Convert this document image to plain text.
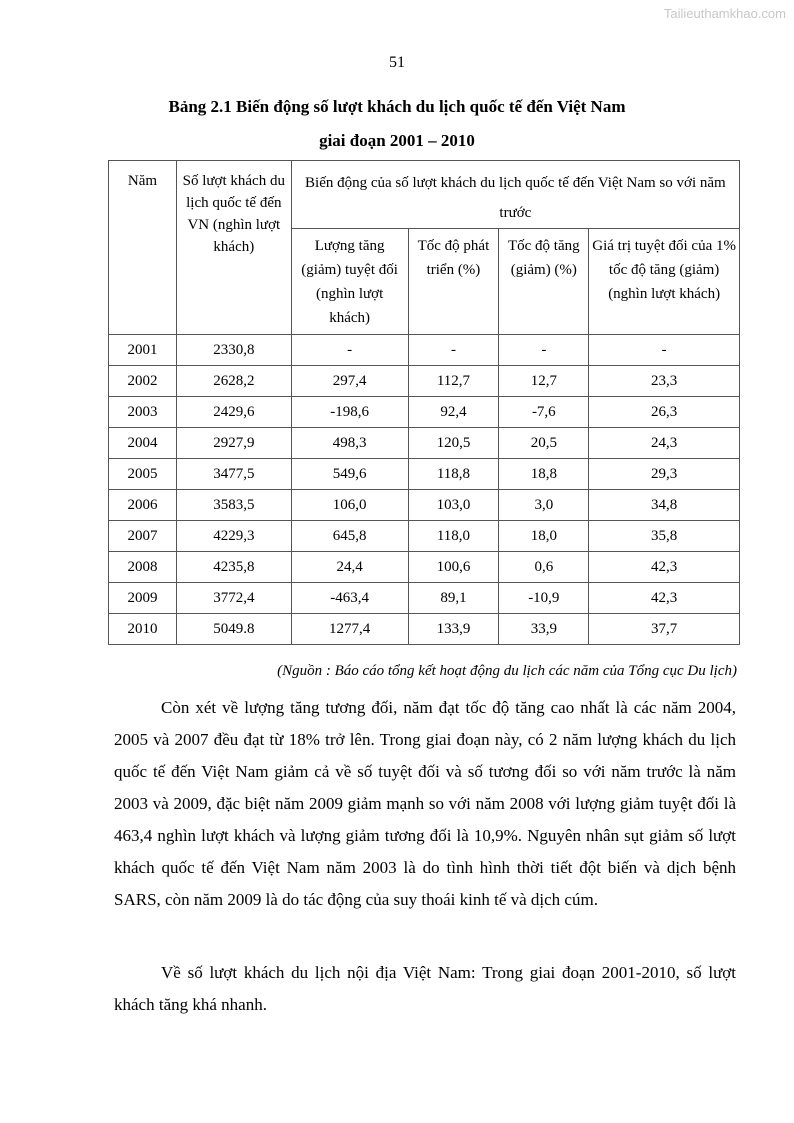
Tailieuthamkhao.com
51
Bảng 2.1 Biến động số lượt khách du lịch quốc tế đến Việt Nam
giai đoạn 2001 – 2010
Năm	Số lượt khách du lịch quốc tế đến VN (nghìn lượt khách)	Biến động của số lượt khách du lịch quốc tế đến Việt Nam so với năm trước			
		Lượng tăng (giảm) tuyệt đối (nghìn lượt khách)	Tốc độ phát triển (%)	Tốc độ tăng (giảm) (%)	Giá trị tuyệt đối của 1% tốc độ tăng (giảm) (nghìn lượt khách)
2001	2330,8	-	-	-	-
2002	2628,2	297,4	112,7	12,7	23,3
2003	2429,6	-198,6	92,4	-7,6	26,3
2004	2927,9	498,3	120,5	20,5	24,3
2005	3477,5	549,6	118,8	18,8	29,3
2006	3583,5	106,0	103,0	3,0	34,8
2007	4229,3	645,8	118,0	18,0	35,8
2008	4235,8	24,4	100,6	0,6	42,3
2009	3772,4	-463,4	89,1	-10,9	42,3
2010	5049.8	1277,4	133,9	33,9	37,7
(Nguồn : Báo cáo tổng kết hoạt động du lịch các năm của Tổng cục Du lịch)

Còn xét về lượng tăng tương đối, năm đạt tốc độ tăng cao nhất là các năm 2004, 2005 và 2007 đều đạt từ 18% trở lên. Trong giai đoạn này, có 2 năm lượng khách du lịch quốc tế đến Việt Nam giảm cả về số tuyệt đối và số tương đối so với năm trước là năm 2003 và 2009, đặc biệt năm 2009 giảm mạnh so với năm 2008 với lượng giảm tuyệt đối là 463,4 nghìn lượt khách và lượng giảm tương đối là 10,9%. Nguyên nhân sụt giảm số lượt khách quốc tế đến Việt Nam năm 2003 là do tình hình thời tiết đột biến và dịch bệnh SARS, còn năm 2009 là do tác động của suy thoái kinh tế và dịch cúm.

Về số lượt khách du lịch nội địa Việt Nam: Trong giai đoạn 2001-2010, số lượt khách tăng khá nhanh.
